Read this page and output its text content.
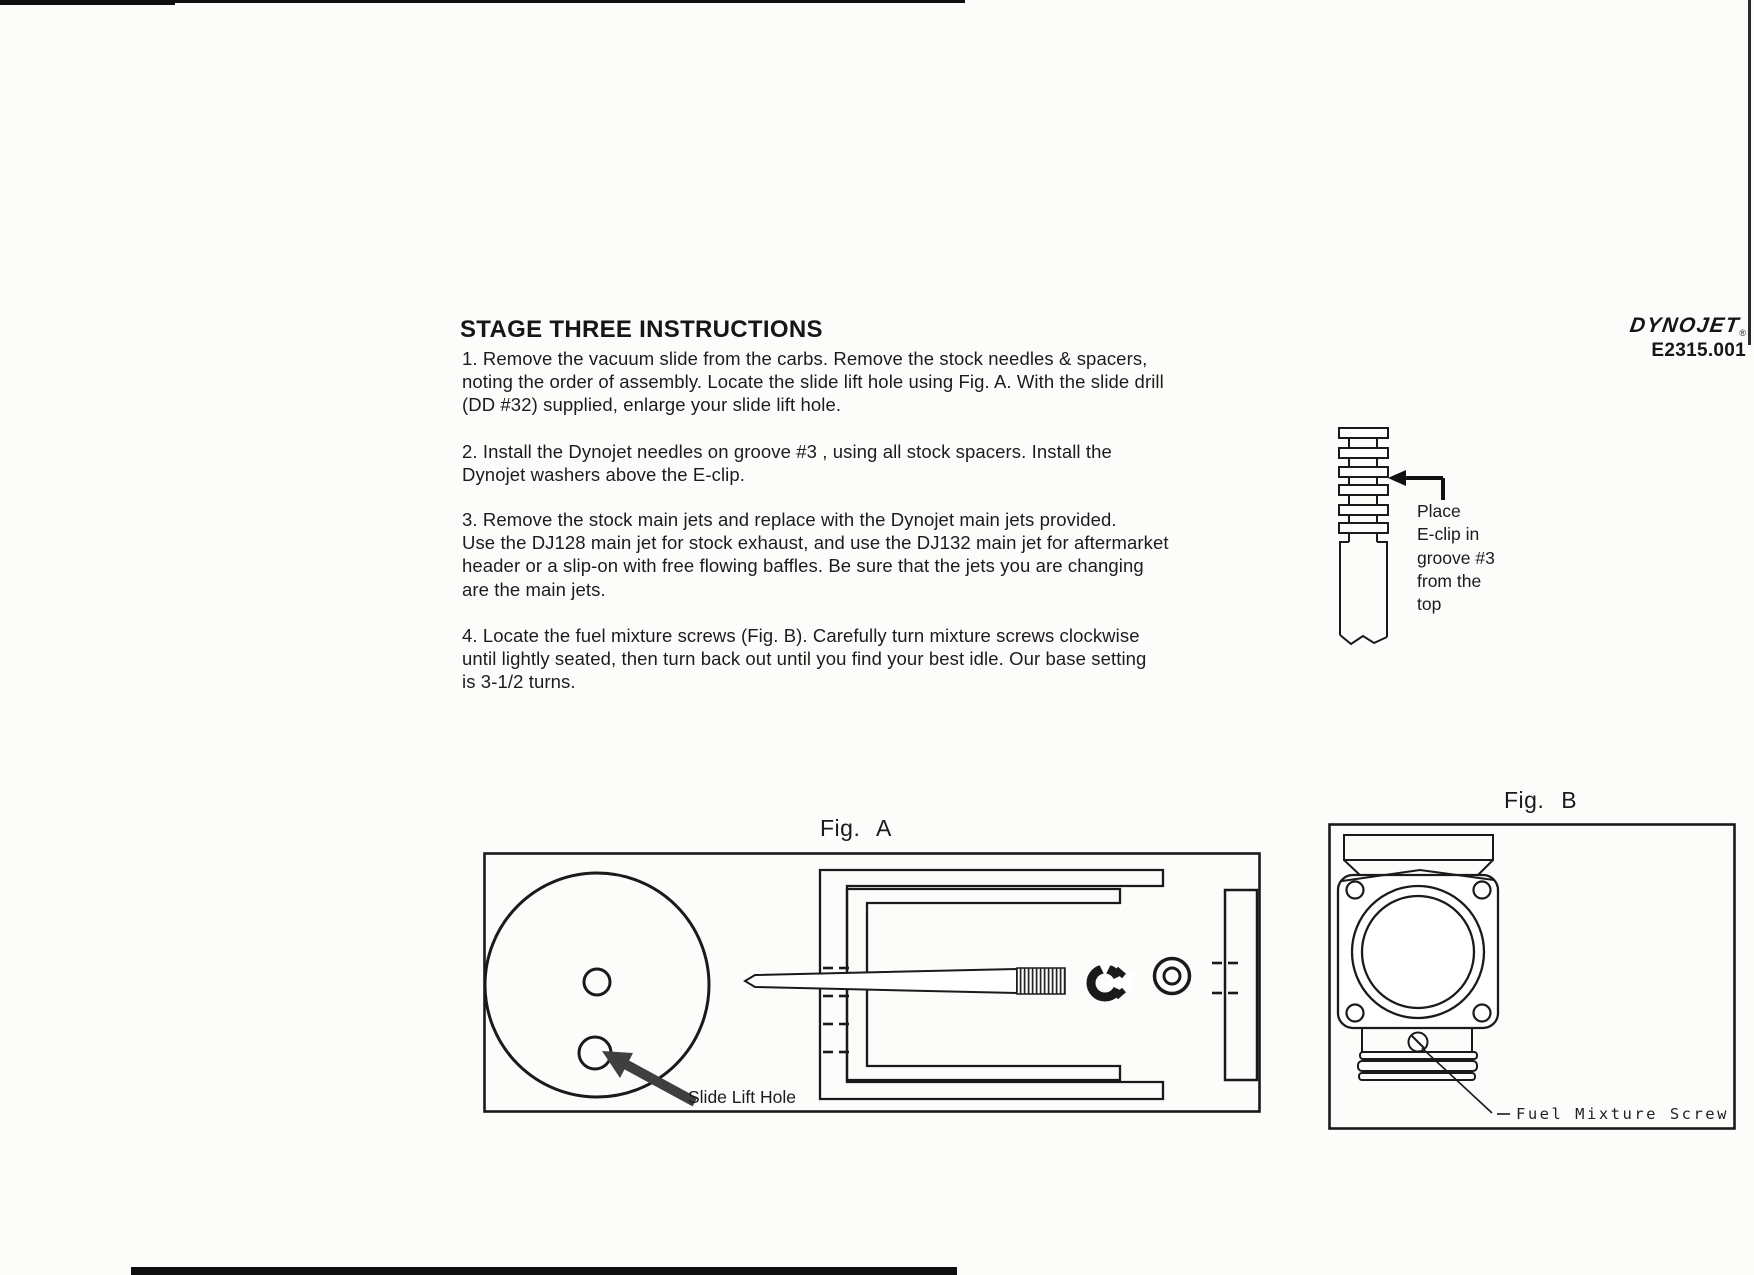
STAGE THREE INSTRUCTIONS	$DYNOJET_®$
E2315.001
1. Remove the vacuum slide from the carbs. Remove the stock needles & spacers,
noting the order of assembly. Locate the slide lift hole using Fig. A. With the slide drill
(DD #32) supplied, enlarge your slide lift hole.
2. Install the Dynojet needles on groove #3 , using all stock spacers. Install the
Dynojet washers above the E-clip.
3. Remove the stock main jets and replace with the Dynojet main jets provided.
Use the DJ128 main jet for stock exhaust, and use the DJ132 main jet for aftermarket
header or a slip-on with free flowing baffles. Be sure that the jets you are changing
are the main jets.
4. Locate the fuel mixture screws (Fig. B). Carefully turn mixture screws clockwise
until lightly seated, then turn back out until you find your best idle. Our base setting
is 3-1/2 turns.
Place
E-clip in
groove #3
from the
top
Fig. A
Slide Lift Hole
Fig. B
Fuel Mixture Screw
